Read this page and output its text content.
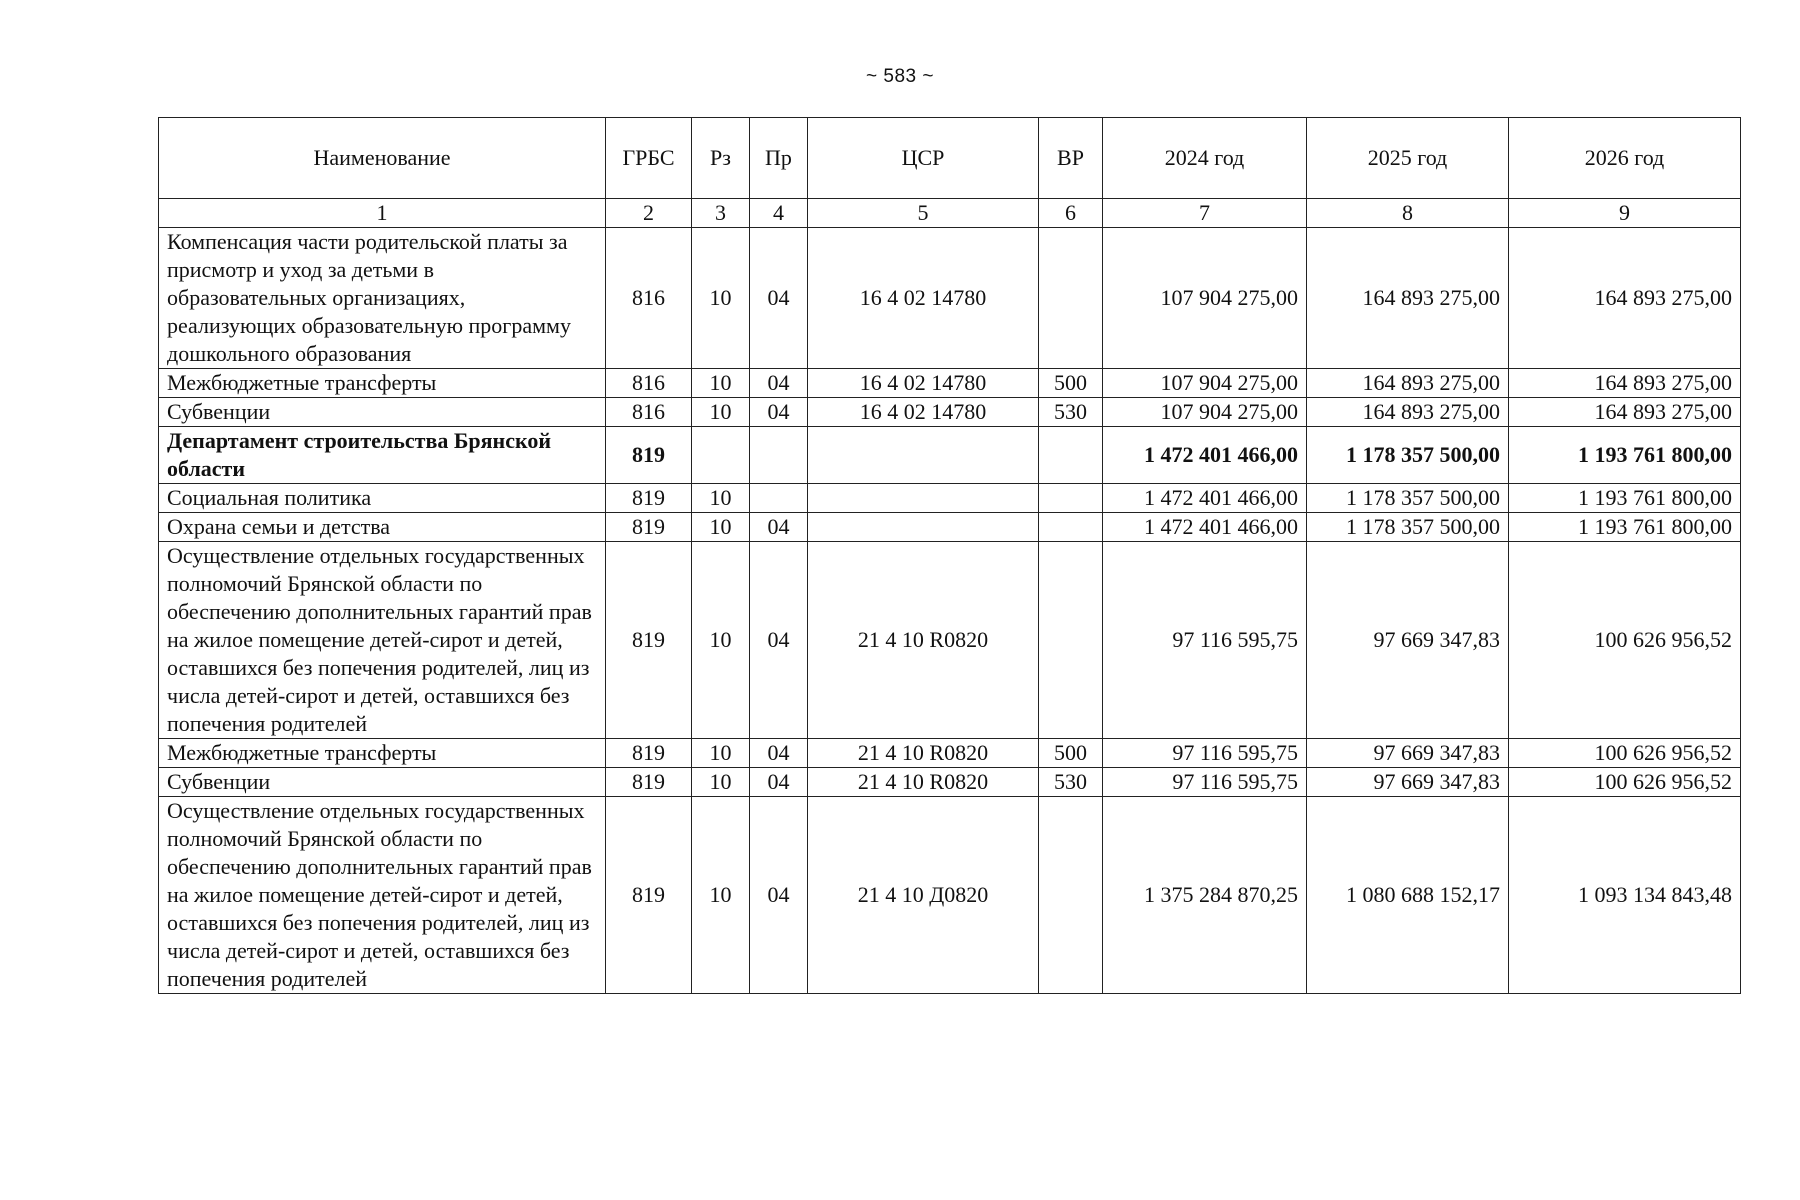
~ 583 ~
Наименование	ГРБС	Рз	Пр	ЦСР	ВР	2024 год	2025 год	2026 год
1	2	3	4	5	6	7	8	9
Компенсация части родительской платы за присмотр и уход за детьми в образовательных организациях, реализующих образовательную программу дошкольного образования	816	10	04	16 4 02 14780		107 904 275,00	164 893 275,00	164 893 275,00
Межбюджетные трансферты	816	10	04	16 4 02 14780	500	107 904 275,00	164 893 275,00	164 893 275,00
Субвенции	816	10	04	16 4 02 14780	530	107 904 275,00	164 893 275,00	164 893 275,00
Департамент строительства Брянской области	819					1 472 401 466,00	1 178 357 500,00	1 193 761 800,00
Социальная политика	819	10				1 472 401 466,00	1 178 357 500,00	1 193 761 800,00
Охрана семьи и детства	819	10	04			1 472 401 466,00	1 178 357 500,00	1 193 761 800,00
Осуществление отдельных государственных полномочий Брянской области по обеспечению дополнительных гарантий прав на жилое помещение детей-сирот и детей, оставшихся без попечения родителей, лиц из числа детей-сирот и детей, оставшихся без попечения родителей	819	10	04	21 4 10 R0820		97 116 595,75	97 669 347,83	100 626 956,52
Межбюджетные трансферты	819	10	04	21 4 10 R0820	500	97 116 595,75	97 669 347,83	100 626 956,52
Субвенции	819	10	04	21 4 10 R0820	530	97 116 595,75	97 669 347,83	100 626 956,52
Осуществление отдельных государственных полномочий Брянской области по обеспечению дополнительных гарантий прав на жилое помещение детей-сирот и детей, оставшихся без попечения родителей, лиц из числа детей-сирот и детей, оставшихся без попечения родителей	819	10	04	21 4 10 Д0820		1 375 284 870,25	1 080 688 152,17	1 093 134 843,48
